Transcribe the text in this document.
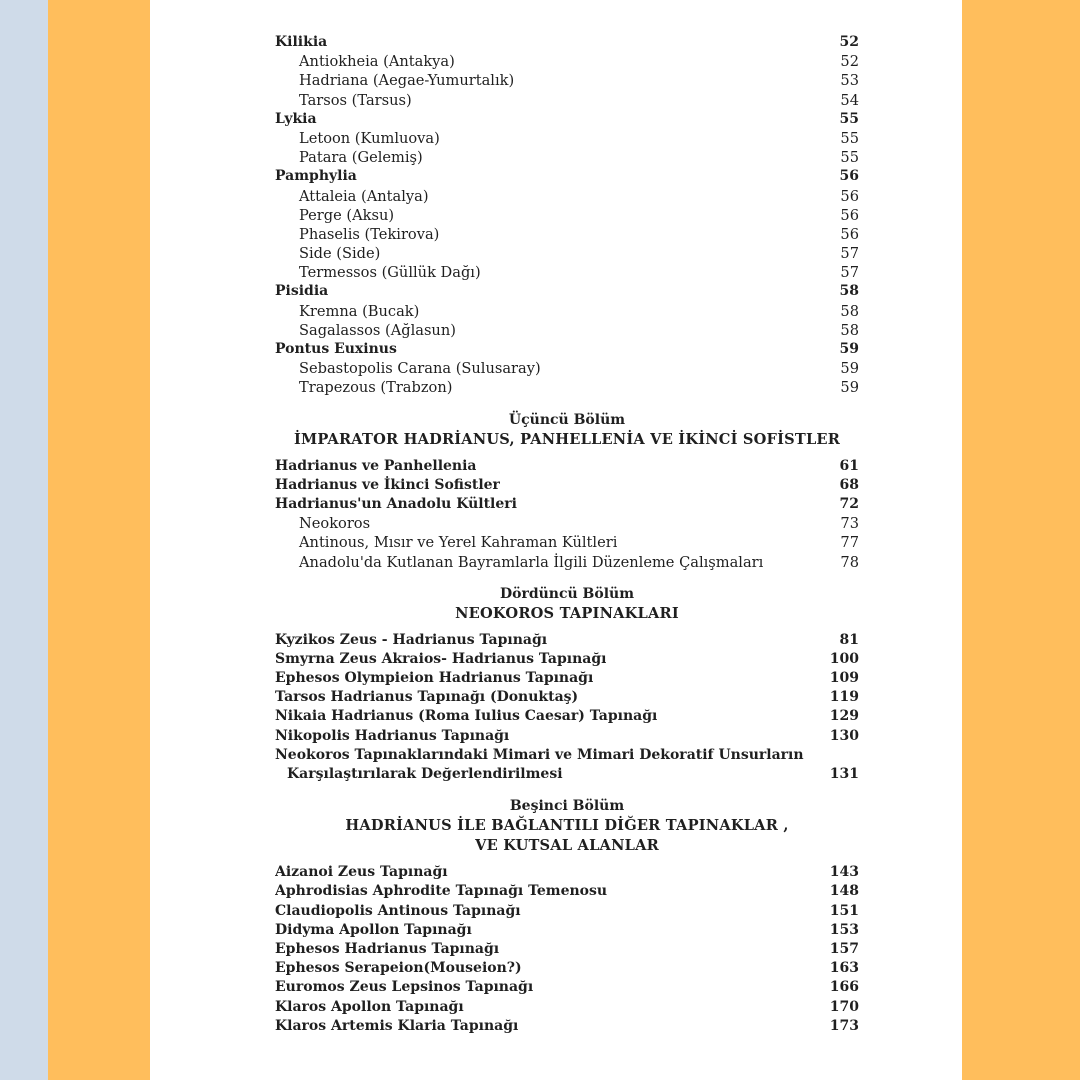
Kilikia	52
Antiokheia (Antakya)	52
Hadriana (Aegae-Yumurtalık)	53
Tarsos (Tarsus)	54
Lykia	55
Letoon (Kumluova)	55
Patara (Gelemiş)	55
Pamphylia	56
Attaleia (Antalya)	56
Perge (Aksu)	56
Phaselis (Tekirova)	56
Side (Side)	57
Termessos (Güllük Dağı)	57
Pisidia	58
Kremna (Bucak)	58
Sagalassos (Ağlasun)	58
Pontus Euxinus	59
Sebastopolis Carana (Sulusaray)	59
Trapezous (Trabzon)	59
Üçüncü Bölüm
İMPARATOR HADRİANUS, PANHELLENİA VE İKİNCİ SOFİSTLER
Hadrianus ve Panhellenia	61
Hadrianus ve İkinci Sofistler	68
Hadrianus'un Anadolu Kültleri	72
Neokoros	73
Antinous, Mısır ve Yerel Kahraman Kültleri	77
Anadolu'da Kutlanan Bayramlarla İlgili Düzenleme Çalışmaları	78
Dördüncü Bölüm
NEOKOROS TAPINAKLARI
Kyzikos Zeus - Hadrianus Tapınağı	81
Smyrna Zeus Akraios- Hadrianus Tapınağı	100
Ephesos Olympieion Hadrianus Tapınağı	109
Tarsos Hadrianus Tapınağı (Donuktaş)	119
Nikaia Hadrianus (Roma Iulius Caesar) Tapınağı	129
Nikopolis Hadrianus Tapınağı	130
Neokoros Tapınaklarındaki Mimari ve Mimari Dekoratif Unsurların
Karşılaştırılarak Değerlendirilmesi	131
Beşinci Bölüm
HADRİANUS İLE BAĞLANTILI DİĞER TAPINAKLAR ,
VE KUTSAL ALANLAR
Aizanoi Zeus Tapınağı	143
Aphrodisias Aphrodite Tapınağı Temenosu	148
Claudiopolis Antinous Tapınağı	151
Didyma Apollon Tapınağı	153
Ephesos Hadrianus Tapınağı	157
Ephesos Serapeion(Mouseion?)	163
Euromos Zeus Lepsinos Tapınağı	166
Klaros Apollon Tapınağı	170
Klaros Artemis Klaria Tapınağı	173
